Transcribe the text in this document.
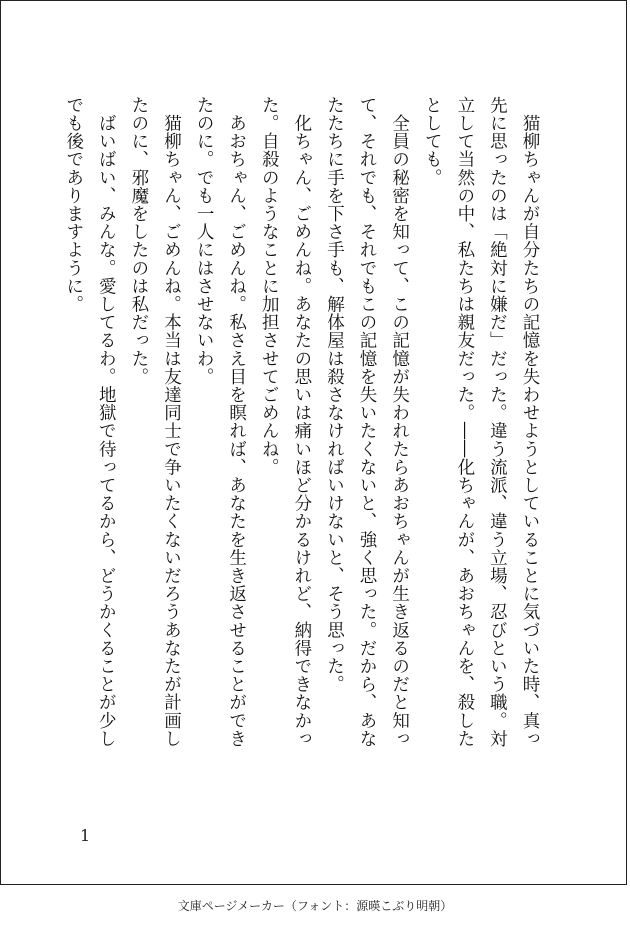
　猫柳ちゃんが自分たちの記憶を失わせようとしていることに気づいた時、真っ
先に思ったのは「絶対に嫌だ」だった。違う流派、違う立場、忍びという職。対
立して当然の中、私たちは親友だった。――化ちゃんが、あおちゃんを、殺した
としても。
　全員の秘密を知って、この記憶が失われたらあおちゃんが生き返るのだと知っ
て、それでも、それでもこの記憶を失いたくないと、強く思った。だから、あな
たたちに手を下さ手も、解体屋は殺さなければいけないと、そう思った。
　化ちゃん、ごめんね。あなたの思いは痛いほど分かるけれど、納得できなかっ
た。自殺のようなことに加担させてごめんね。
　あおちゃん、ごめんね。私さえ目を瞑れば、あなたを生き返させることができ
たのに。でも一人にはさせないわ。
　猫柳ちゃん、ごめんね。本当は友達同士で争いたくないだろうあなたが計画し
たのに、邪魔をしたのは私だった。
　ばいばい、みんな。愛してるわ。地獄で待ってるから、どうかくることが少し
でも後でありますように。
1
文庫ページメーカー（フォント：源暎こぶり明朝）
